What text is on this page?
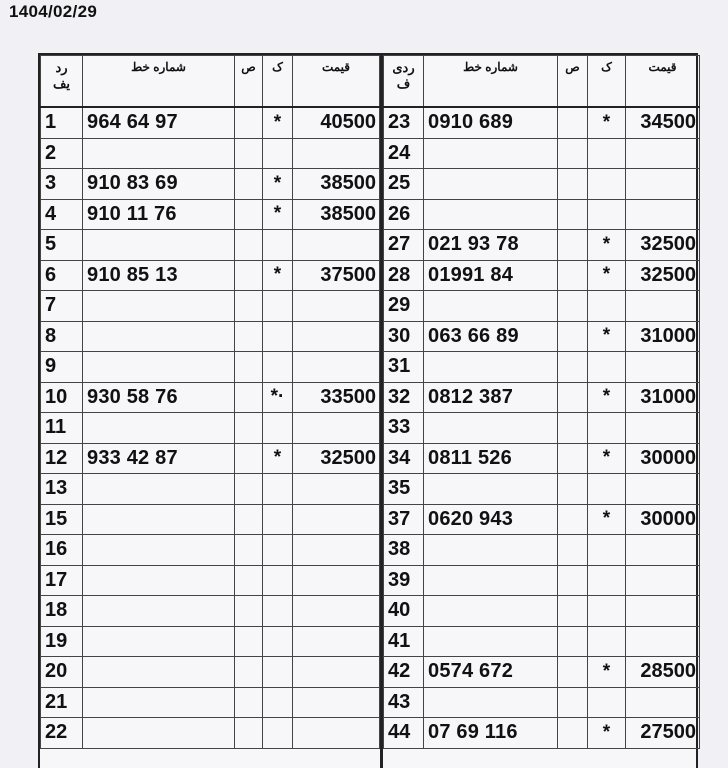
1404/02/29
رد
یف	شماره خط	ص	ک	قیمت
1	964 64 97		*	40500
2				
3	910 83 69		*	38500
4	910 11 76		*	38500
5				
6	910 85 13		*	37500
7				
8				
9				
10	930 58 76		*·	33500
11				
12	933 42 87		*	32500
13				
15				
16				
17				
18				
19				
20				
21				
22				
ردی
ف	شماره خط	ص	ک	قیمت
23	0910 689		*	34500
24				
25				
26				
27	021 93 78		*	32500
28	01991 84		*	32500
29				
30	063 66 89		*	31000
31				
32	0812 387		*	31000
33				
34	0811 526		*	30000
35				
37	0620 943		*	30000
38				
39				
40				
41				
42	0574 672		*	28500
43				
44	07 69 116		*	27500
